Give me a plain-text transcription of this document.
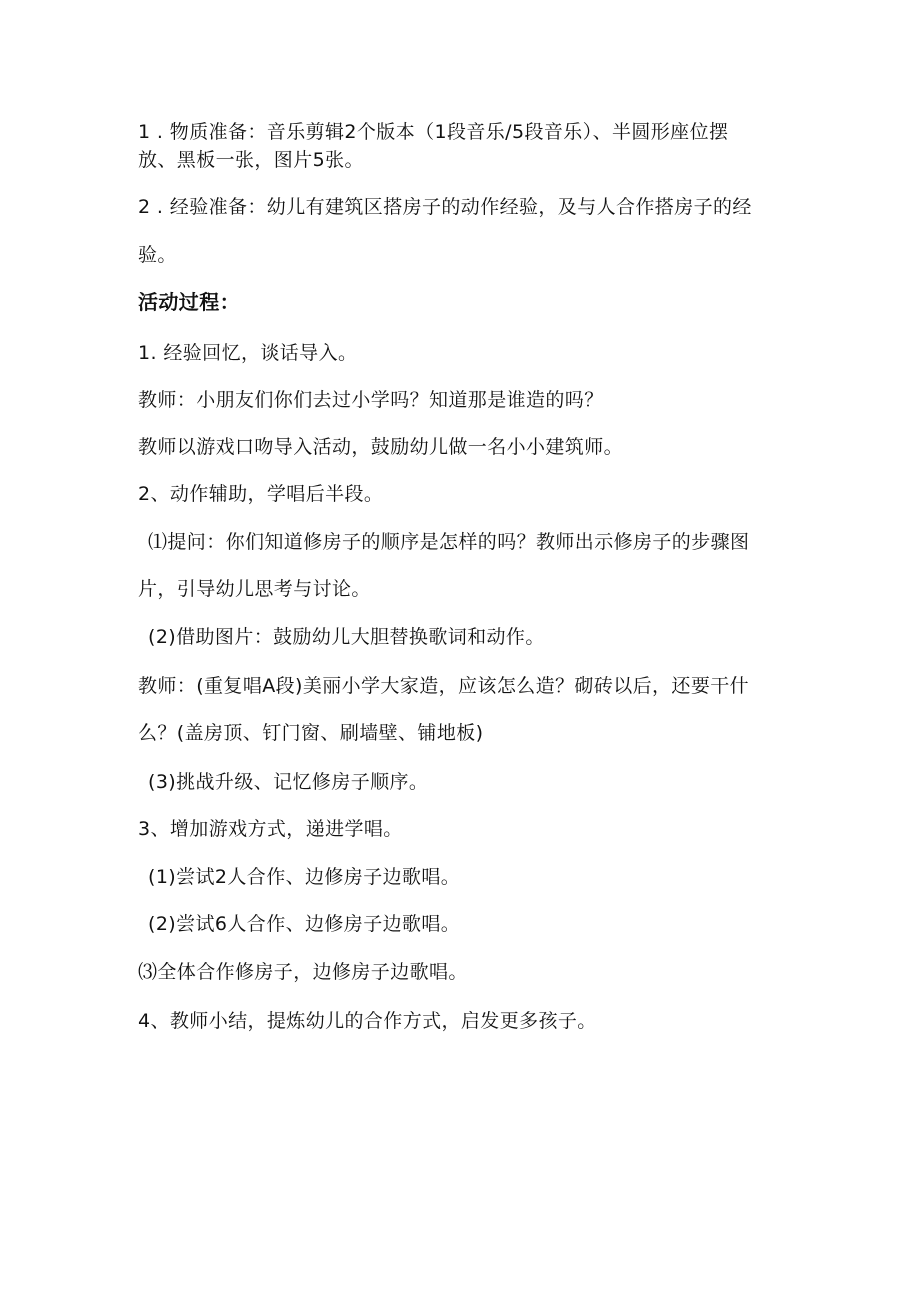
1 . 物质准备：音乐剪辑2个版本（1段音乐/5段音乐）、半圆形座位摆
放、黑板一张，图片5张。
2 . 经验准备：幼儿有建筑区搭房子的动作经验，及与人合作搭房子的经
验。
活动过程：
1. 经验回忆，谈话导入。
教师：小朋友们你们去过小学吗？知道那是谁造的吗？
教师以游戏口吻导入活动，鼓励幼儿做一名小小建筑师。
2、动作辅助，学唱后半段。
⑴提问：你们知道修房子的顺序是怎样的吗？教师出示修房子的步骤图
片，引导幼儿思考与讨论。
(2)借助图片：鼓励幼儿大胆替换歌词和动作。
教师：(重复唱A段)美丽小学大家造，应该怎么造？砌砖以后，还要干什
么？(盖房顶、钉门窗、刷墙壁、铺地板)
(3)挑战升级、记忆修房子顺序。
3、增加游戏方式，递进学唱。
(1)尝试2人合作、边修房子边歌唱。
(2)尝试6人合作、边修房子边歌唱。
⑶全体合作修房子，边修房子边歌唱。
4、教师小结，提炼幼儿的合作方式，启发更多孩子。
